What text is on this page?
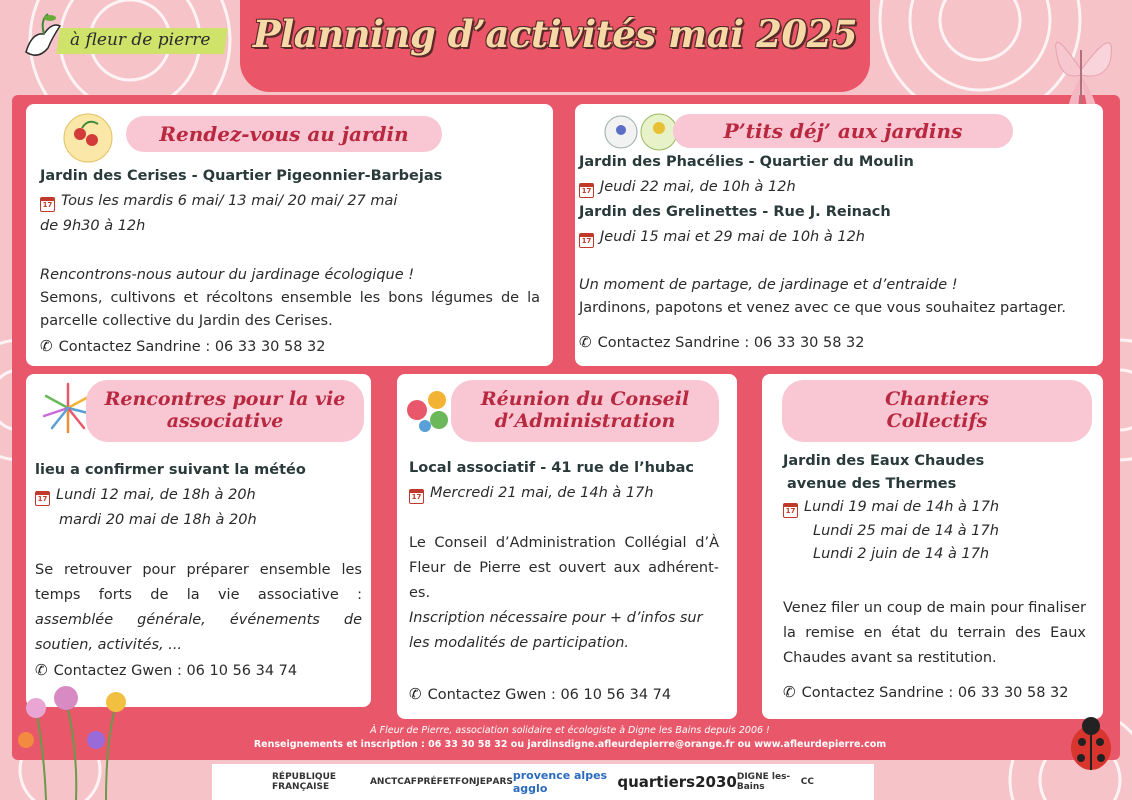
Planning d’activités mai 2025
à fleur de pierre
Rendez-vous au jardin
Jardin des Cerises - Quartier Pigeonnier-Barbejas
17 Tous les mardis 6 mai/ 13 mai/ 20 mai/ 27 mai
de 9h30 à 12h
Rencontrons-nous autour du jardinage écologique !
Semons, cultivons et récoltons ensemble les bons légumes de la parcelle collective du Jardin des Cerises.
✆ Contactez Sandrine : 06 33 30 58 32
P’tits déj’ aux jardins
Jardin des Phacélies - Quartier du Moulin
17 Jeudi 22 mai, de 10h à 12h
Jardin des Grelinettes - Rue J. Reinach
17 Jeudi 15 mai et 29 mai de 10h à 12h
Un moment de partage, de jardinage et d’entraide !
Jardinons, papotons et venez avec ce que vous souhaitez partager.
✆ Contactez Sandrine : 06 33 30 58 32
Rencontres pour la vie
associative
lieu a confirmer suivant la météo
17 Lundi 12 mai, de 18h à 20h
mardi 20 mai de 18h à 20h
Se retrouver pour préparer ensemble les temps forts de la vie associative : assemblée générale, événements de soutien, activités, ...
✆ Contactez Gwen : 06 10 56 34 74
Réunion du Conseil
d’Administration
Local associatif - 41 rue de l’hubac
17 Mercredi 21 mai, de 14h à 17h
Le Conseil d’Administration Collégial d’À Fleur de Pierre est ouvert aux adhérent-es.
Inscription nécessaire pour + d’infos sur les modalités de participation.
✆ Contactez Gwen : 06 10 56 34 74
Chantiers
Collectifs
Jardin des Eaux Chaudes
avenue des Thermes
17 Lundi 19 mai de 14h à 17h
Lundi 25 mai de 14 à 17h
Lundi 2 juin de 14 à 17h
Venez filer un coup de main pour finaliser la remise en état du terrain des Eaux Chaudes avant sa restitution.
✆ Contactez Sandrine : 06 33 30 58 32
À Fleur de Pierre, association solidaire et écologiste à Digne les Bains depuis 2006 !
Renseignements et inscription : 06 33 30 58 32 ou jardinsdigne.afleurdepierre@orange.fr ou www.afleurdepierre.com
RÉPUBLIQUE FRANÇAISE	ANCT CAF PRÉFET FONJEP ARS provence alpes agglo	quartiers2030 DIGNE les-Bains	CC
